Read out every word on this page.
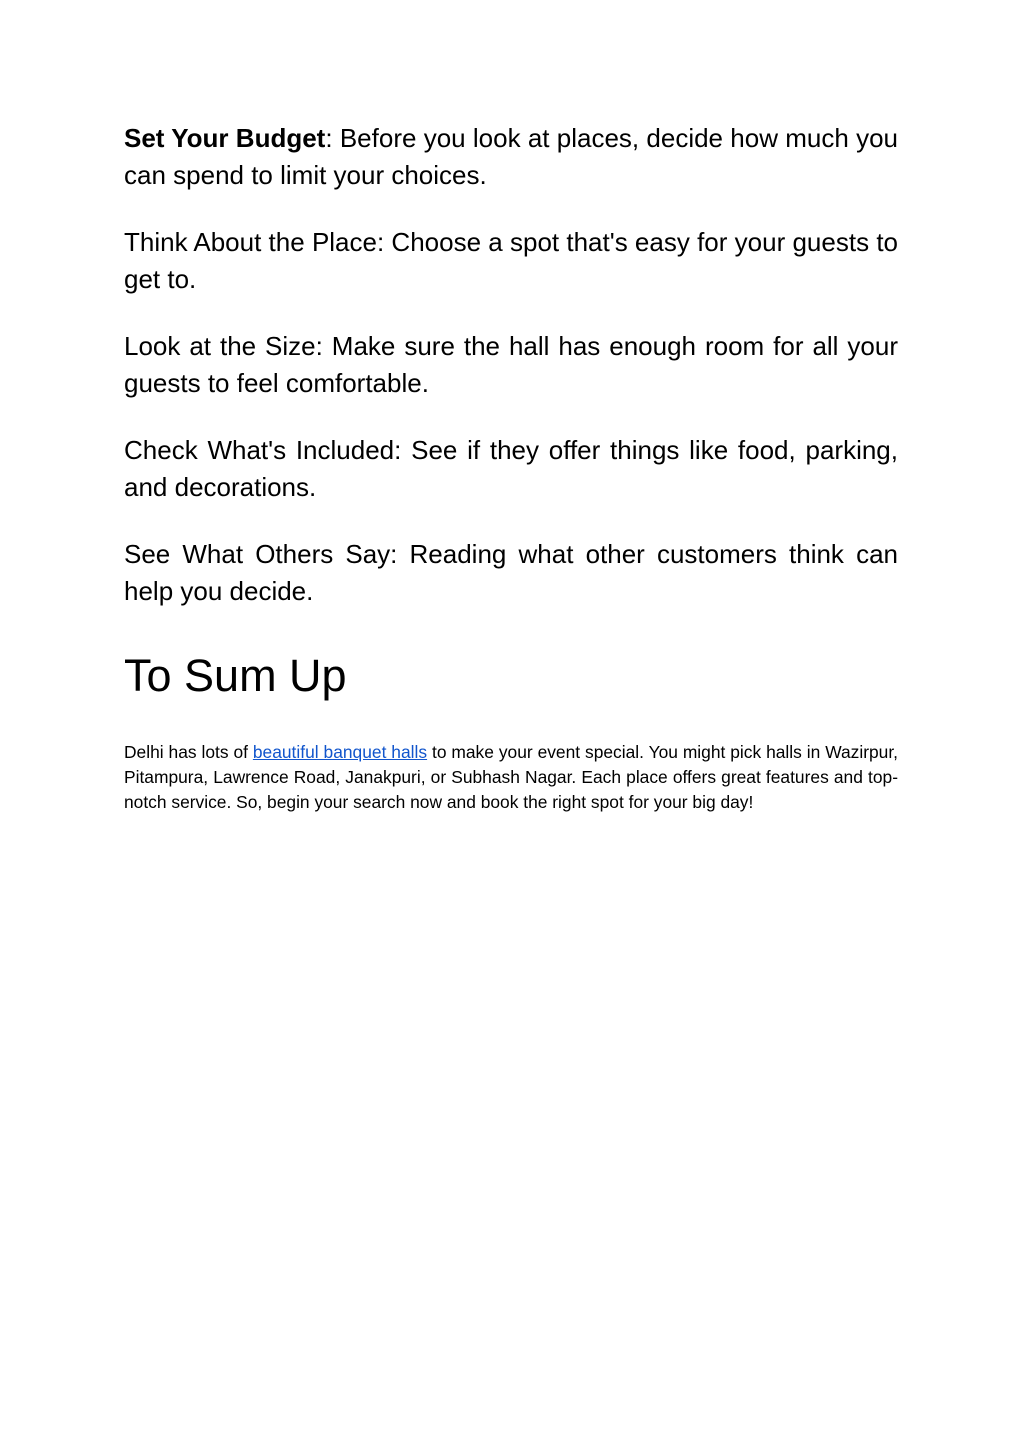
Set Your Budget: Before you look at places, decide how much you can spend to limit your choices.

Think About the Place: Choose a spot that's easy for your guests to get to.

Look at the Size: Make sure the hall has enough room for all your guests to feel comfortable.

Check What's Included: See if they offer things like food, parking, and decorations.

See What Others Say: Reading what other customers think can help you decide.

To Sum Up

Delhi has lots of beautiful banquet halls to make your event special. You might pick halls in Wazirpur, Pitampura, Lawrence Road, Janakpuri, or Subhash Nagar. Each place offers great features and top-notch service. So, begin your search now and book the right spot for your big day!
